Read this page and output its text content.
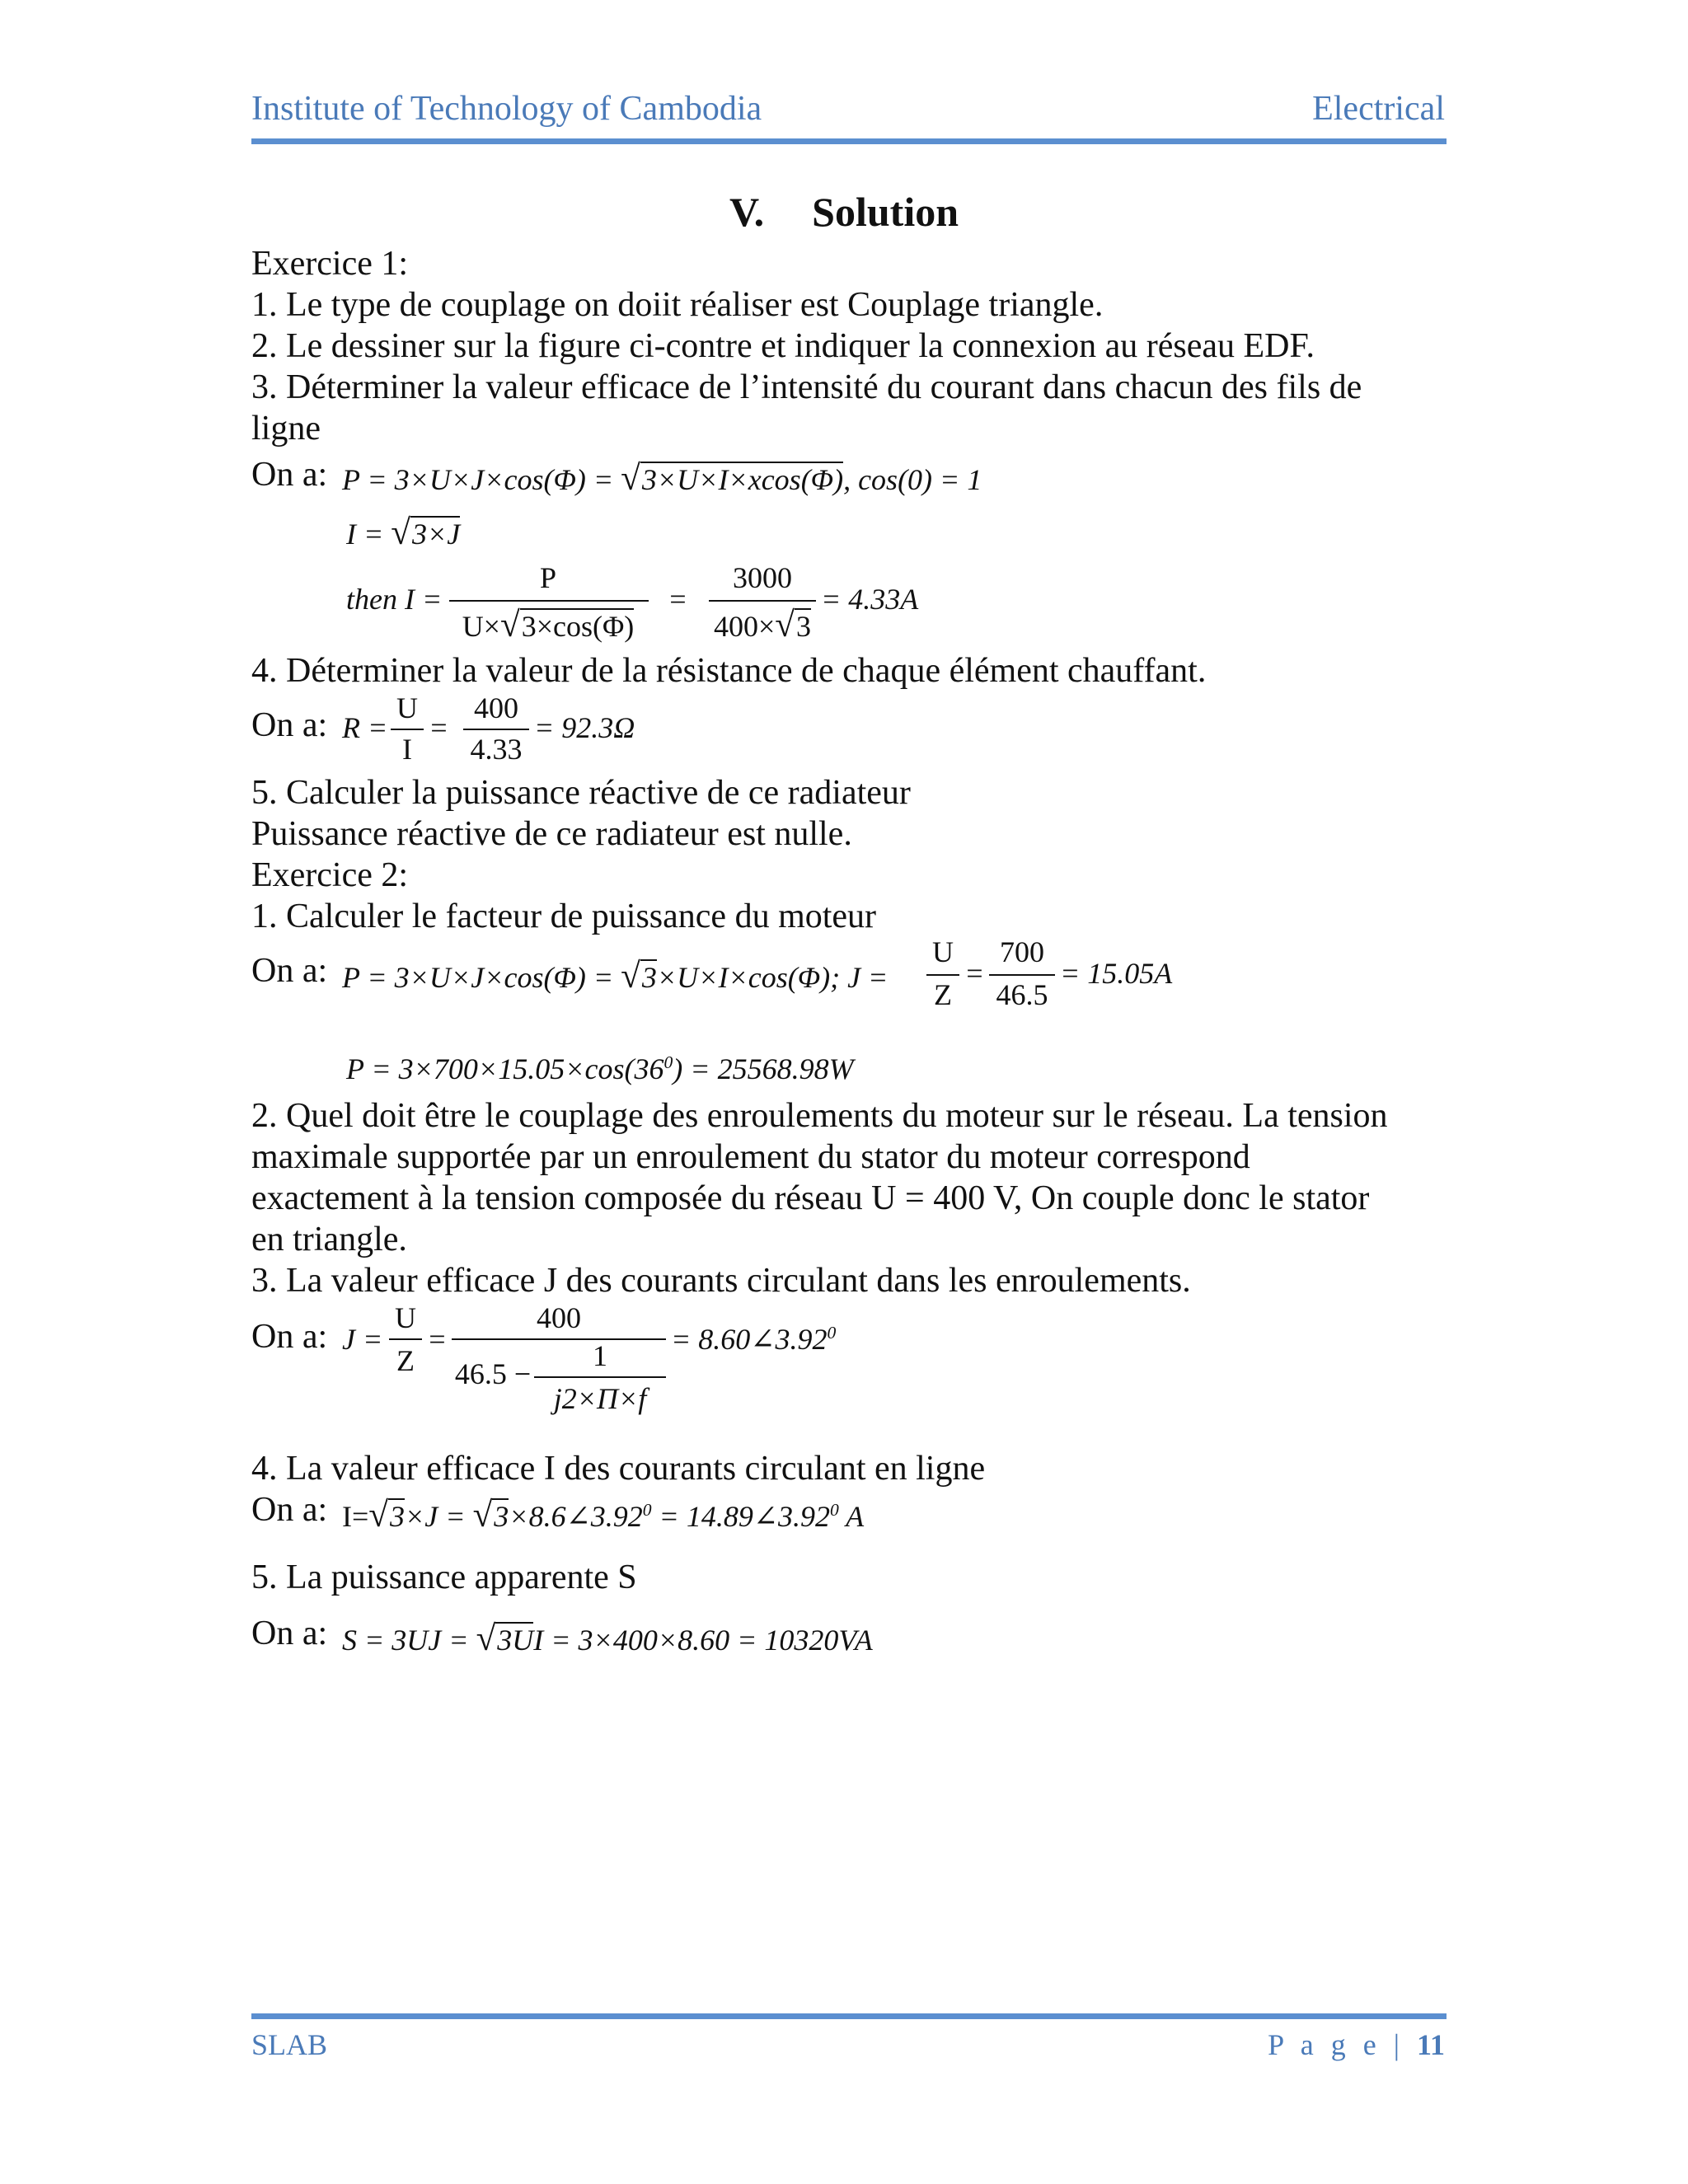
Institute of Technology of Cambodia	Electrical
V. Solution
Exercice 1:
1. Le type de couplage on doiit réaliser est Couplage triangle.
2. Le dessiner sur la figure ci-contre et indiquer la connexion au réseau EDF.
3. Déterminer la valeur efficace de l’intensité du courant dans chacun des fils de
ligne
On a: P = 3×U×J×cos(Φ) = √3×U×I×xcos(Φ), cos(0) = 1
I = √3×J
then I =
P
U×√3×cos(Φ)
=
3000
400×√3
= 4.33A
4. Déterminer la valeur de la résistance de chaque élément chauffant.
On a: R =
U
I
=
400
4.33
= 92.3Ω
5. Calculer la puissance réactive de ce radiateur
Puissance réactive de ce radiateur est nulle.
Exercice 2:
1. Calculer le facteur de puissance du moteur
On a: P = 3×U×J×cos(Φ) = √3×U×I×cos(Φ); J =
U
Z
=
700
46.5
= 15.05A
$P = 3\times 700\times 15.05\times\cos(36^0) = 25568.98W$
2. Quel doit être le couplage des enroulements du moteur sur le réseau. La tension
maximale supportée par un enroulement du stator du moteur correspond
exactement à la tension composée du réseau U = 400 V, On couple donc le stator
en triangle.
3. La valeur efficace J des courants circulant dans les enroulements.
On a: J =
U
Z
=
400
46.5 −
1
j2×Π×f
= $8.60\angle 3.92^0$
4. La valeur efficace I des courants circulant en ligne
On a: $I=√3\times J = √3\times 8.6\angle 3.92^0$ = $14.89\angle 3.92^0$ A
5. La puissance apparente S
On a: S = 3UJ = √3UI = 3×400×8.60 = 10320VA
SLAB	P a g e | 11
